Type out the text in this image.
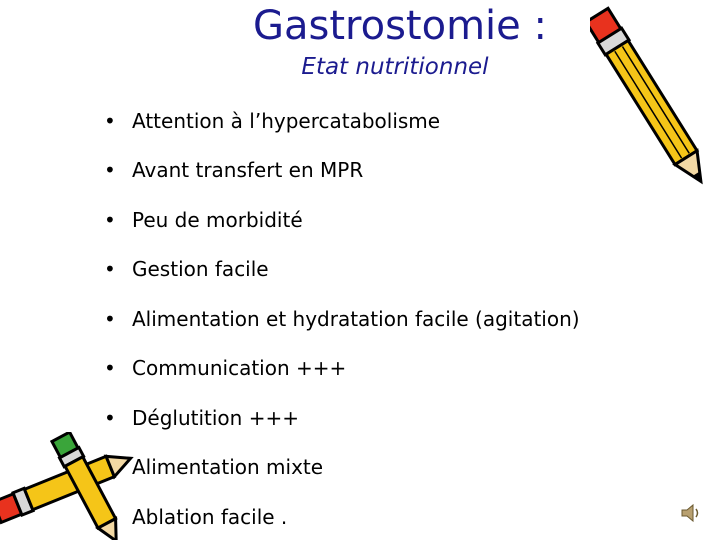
Gastrostomie :
Etat nutritionnel
• Attention à l’hypercatabolisme
• Avant transfert en MPR
• Peu de morbidité
• Gestion facile
• Alimentation et hydratation facile (agitation)
• Communication +++
• Déglutition +++
Alimentation mixte
Ablation facile .
